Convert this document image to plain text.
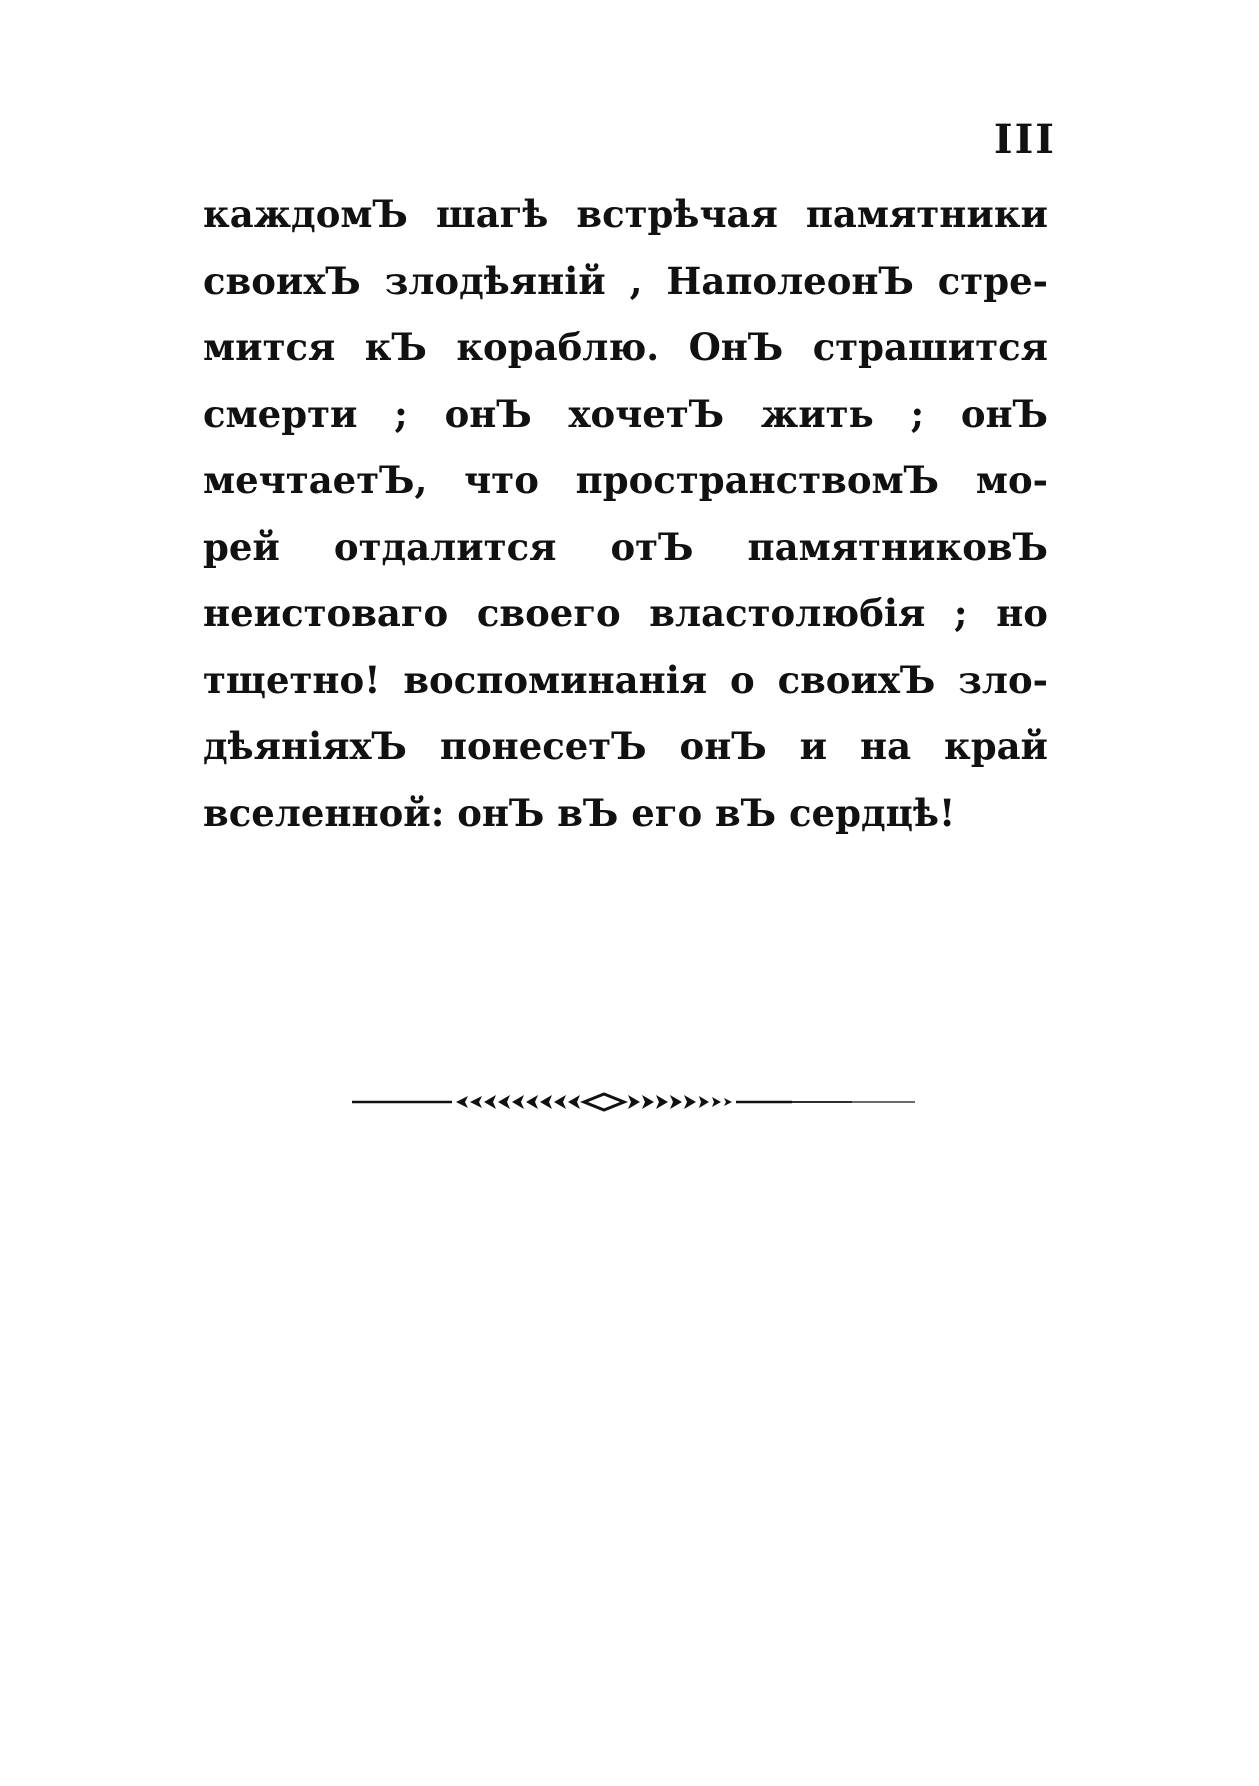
III
каждомЪ шагѣ встрѣчая памятники
своихЪ злодѣяній , НаполеонЪ стре-
мится кЪ кораблю. ОнЪ страшится
смерти ; онЪ хочетЪ жить ; онЪ
мечтаетЪ, что пространствомЪ мо-
рей отдалится отЪ памятниковЪ
неистоваго своего властолюбія ; но
тщетно! воспоминанія о своихЪ зло-
дѣяніяхЪ понесетЪ онЪ и на край
вселенной: онЪ вЪ его вЪ сердцѣ!
